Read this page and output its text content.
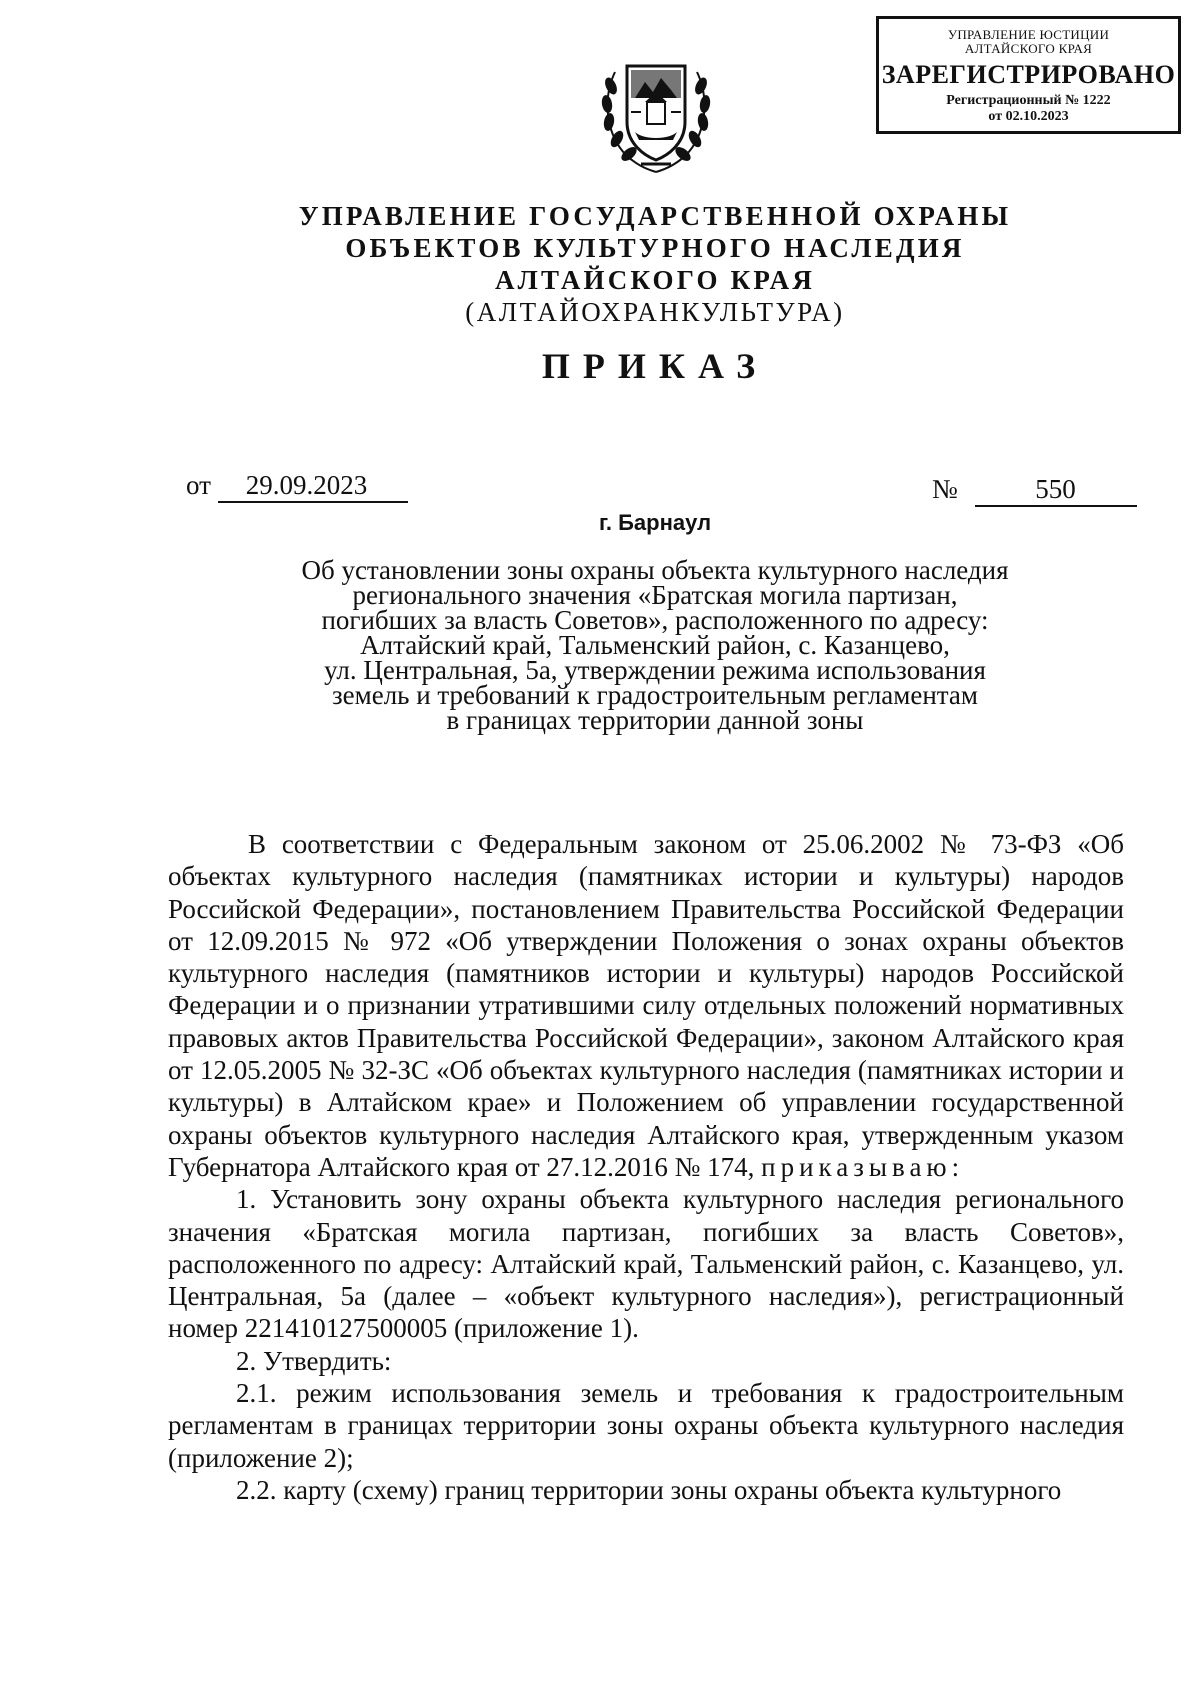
УПРАВЛЕНИЕ ЮСТИЦИИ
АЛТАЙСКОГО КРАЯ
ЗАРЕГИСТРИРОВАНО
Регистрационный № 1222
от 02.10.2023
УПРАВЛЕНИЕ ГОСУДАРСТВЕННОЙ ОХРАНЫ
ОБЪЕКТОВ КУЛЬТУРНОГО НАСЛЕДИЯ
АЛТАЙСКОГО КРАЯ
(АЛТАЙОХРАНКУЛЬТУРА)
ПРИКАЗ
от 29.09.2023	№	550
г. Барнаул
Об установлении зоны охраны объекта культурного наследия
регионального значения «Братская могила партизан,
погибших за власть Советов», расположенного по адресу:
Алтайский край, Тальменский район, с. Казанцево,
ул. Центральная, 5а, утверждении режима использования
земель и требований к градостроительным регламентам
в границах территории данной зоны

В соответствии с Федеральным законом от 25.06.2002 № 73-ФЗ «Об объектах культурного наследия (памятниках истории и культуры) народов Российской Федерации», постановлением Правительства Российской Федерации от 12.09.2015 № 972 «Об утверждении Положения о зонах охраны объектов культурного наследия (памятников истории и культуры) народов Российской Федерации и о признании утратившими силу отдельных положений нормативных правовых актов Правительства Российской Федерации», законом Алтайского края от 12.05.2005 № 32-ЗС «Об объектах культурного наследия (памятниках истории и культуры) в Алтайском крае» и Положением об управлении государственной охраны объектов культурного наследия Алтайского края, утвержденным указом Губернатора Алтайского края от 27.12.2016 № 174, приказываю:

1. Установить зону охраны объекта культурного наследия регионального значения «Братская могила партизан, погибших за власть Советов», расположенного по адресу: Алтайский край, Тальменский район, с. Казанцево, ул. Центральная, 5а (далее – «объект культурного наследия»), регистрационный номер 221410127500005 (приложение 1).

2. Утвердить:

2.1. режим использования земель и требования к градостроительным регламентам в границах территории зоны охраны объекта культурного наследия (приложение 2);

2.2. карту (схему) границ территории зоны охраны объекта культурного
